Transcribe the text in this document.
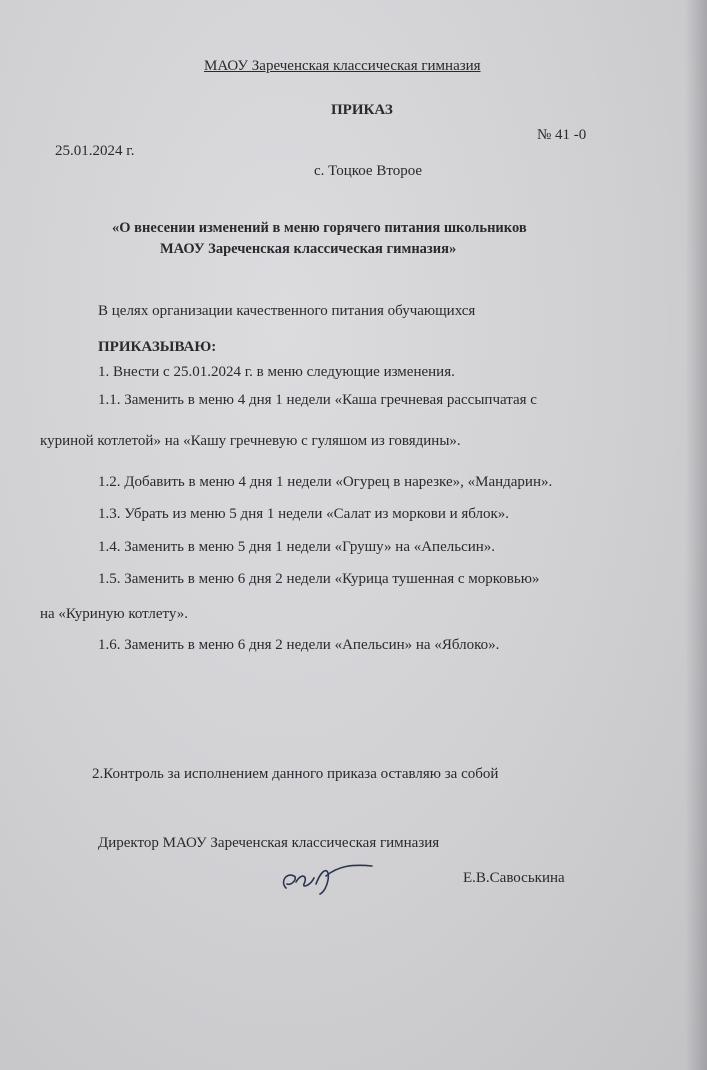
МАОУ Зареченская классическая гимназия
ПРИКАЗ
№ 41 -0
25.01.2024 г.
с. Тоцкое Второе
«О внесении изменений в меню горячего питания школьников
МАОУ Зареченская классическая гимназия»
В целях организации качественного питания обучающихся
ПРИКАЗЫВАЮ:
1. Внести с 25.01.2024 г. в меню следующие изменения.
1.1. Заменить в меню 4 дня 1 недели «Каша гречневая рассыпчатая с
куриной котлетой» на «Кашу гречневую с гуляшом из говядины».
1.2. Добавить в меню 4 дня 1 недели «Огурец в нарезке», «Мандарин».
1.3. Убрать из меню 5 дня 1 недели «Салат из моркови и яблок».
1.4. Заменить в меню 5 дня 1 недели «Грушу» на «Апельсин».
1.5. Заменить в меню 6 дня 2 недели «Курица тушенная с морковью»
на «Куриную котлету».
1.6. Заменить в меню 6 дня 2 недели «Апельсин» на «Яблоко».
2.Контроль за исполнением данного приказа оставляю за собой
Директор МАОУ Зареченская классическая гимназия
Е.В.Савоськина
